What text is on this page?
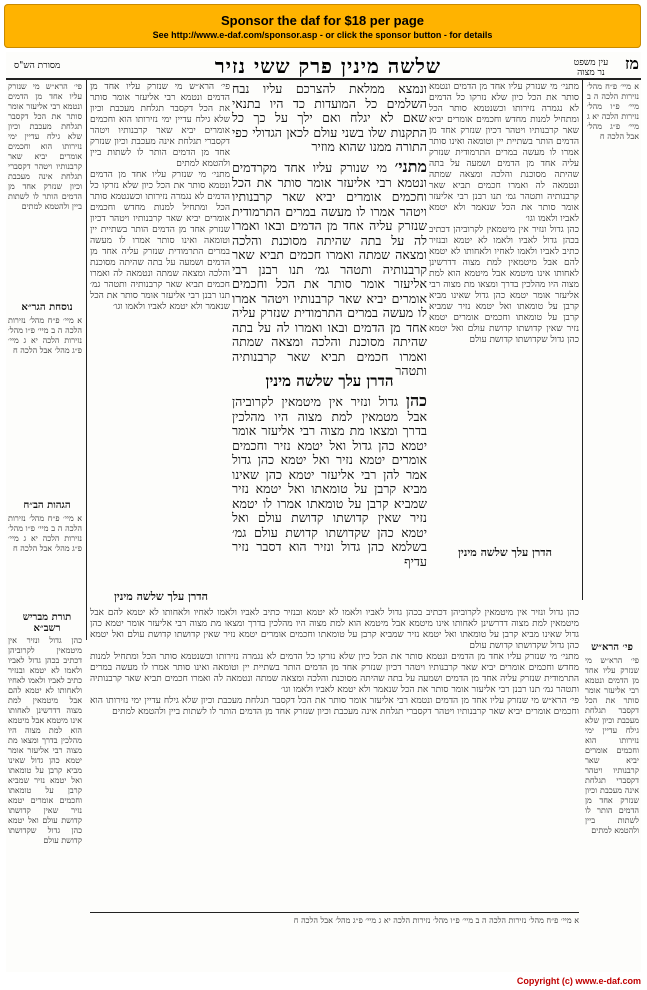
Sponsor the daf for $18 per page
See http://www.e-daf.com/sponsor.asp - or click the sponsor button - for details
מז
עין משפט נר מצוה
שלשה מינין פרק ששי נזיר
מסורת הש"ס
א מיי׳ פ״ח מהל׳ נזירות הלכה ה ב מיי׳ פ״ו מהל׳ נזירות הלכה יא ג מיי׳ פ״ג מהל׳ אבל הלכה ח
פי׳ הרא״ש מי שנזרק עליו אחד מן הדמים ונטמא רבי אליעזר אומר סותר את הכל דקסבר תגלחת מעכבת וכיון שלא גילח עדיין ימי נזירותו הוא וחכמים אומרים יביא שאר קרבנותיו ויטהר דקסברי תגלחת אינה מעכבת וכיון שנזרק אחד מן הדמים הותר לו לשתות ביין ולהטמא למתים
נוסחת הגר״א
א מיי׳ פ״ח מהל׳ נזירות הלכה ה ב מיי׳ פ״ו מהל׳ נזירות הלכה יא ג מיי׳ פ״ג מהל׳ אבל הלכה ח
הגהות הב״ח
א מיי׳ פ״ח מהל׳ נזירות הלכה ה ב מיי׳ פ״ו מהל׳ נזירות הלכה יא ג מיי׳ פ״ג מהל׳ אבל הלכה ח
תורת מבריש רשב״א
כהן גדול ונזיר אין מיטמאין לקרוביהן דכתיב בכהן גדול לאביו ולאמו לא יטמא ובנזיר כתיב לאביו ולאמו לאחיו ולאחותו לא יטמא להם אבל מיטמאין למת מצוה דדרשינן לאחותו אינו מיטמא אבל מיטמא הוא למת מצוה היו מהלכין בדרך ומצאו מת מצוה רבי אליעזר אומר יטמא כהן גדול שאינו מביא קרבן על טומאתו ואל יטמא נזיר שמביא קרבן על טומאתו וחכמים אומרים יטמא נזיר שאין קדושתו קדושת עולם ואל יטמא כהן גדול שקדושתו קדושת עולם
פי׳ הרא״ש
פי׳ הרא״ש מי שנזרק עליו אחד מן הדמים ונטמא רבי אליעזר אומר סותר את הכל דקסבר תגלחת מעכבת וכיון שלא גילח עדיין ימי נזירותו הוא וחכמים אומרים יביא שאר קרבנותיו ויטהר דקסברי תגלחת אינה מעכבת וכיון שנזרק אחד מן הדמים הותר לו לשתות ביין ולהטמא למתים
מתני׳ מי שנזרק עליו אחד מן הדמים ונטמא סותר את הכל כיון שלא נזרקו כל הדמים לא נגמרה נזירותו וכשנטמא סותר הכל ומתחיל למנות מחדש וחכמים אומרים יביא שאר קרבנותיו ויטהר דכיון שנזרק אחד מן הדמים הותר בשתיית יין וטומאה ואינו סותר אמרו לו מעשה במרים התרמודית שנזרק עליה אחד מן הדמים ושמעה על בתה שהיתה מסוכנת והלכה ומצאה שמתה ונטמאה לה ואמרו חכמים תביא שאר קרבנותיה ותטהר גמ׳ תנו רבנן רבי אליעזר אומר סותר את הכל שנאמר ולא יטמא לאביו ולאמו וגו׳
כהן גדול ונזיר אין מיטמאין לקרוביהן דכתיב בכהן גדול לאביו ולאמו לא יטמא ובנזיר כתיב לאביו ולאמו לאחיו ולאחותו לא יטמא להם אבל מיטמאין למת מצוה דדרשינן לאחותו אינו מיטמא אבל מיטמא הוא למת מצוה היו מהלכין בדרך ומצאו מת מצוה רבי אליעזר אומר יטמא כהן גדול שאינו מביא קרבן על טומאתו ואל יטמא נזיר שמביא קרבן על טומאתו וחכמים אומרים יטמא נזיר שאין קדושתו קדושת עולם ואל יטמא כהן גדול שקדושתו קדושת עולם
פי׳ הרא״ש מי שנזרק עליו אחד מן הדמים ונטמא רבי אליעזר אומר סותר את הכל דקסבר תגלחת מעכבת וכיון שלא גילח עדיין ימי נזירותו הוא וחכמים אומרים יביא שאר קרבנותיו ויטהר דקסברי תגלחת אינה מעכבת וכיון שנזרק אחד מן הדמים הותר לו לשתות ביין ולהטמא למתים
מתני׳ מי שנזרק עליו אחד מן הדמים ונטמא סותר את הכל כיון שלא נזרקו כל הדמים לא נגמרה נזירותו וכשנטמא סותר הכל ומתחיל למנות מחדש וחכמים אומרים יביא שאר קרבנותיו ויטהר דכיון שנזרק אחד מן הדמים הותר בשתיית יין וטומאה ואינו סותר אמרו לו מעשה במרים התרמודית שנזרק עליה אחד מן הדמים ושמעה על בתה שהיתה מסוכנת והלכה ומצאה שמתה ונטמאה לה ואמרו חכמים תביא שאר קרבנותיה ותטהר גמ׳ תנו רבנן רבי אליעזר אומר סותר את הכל שנאמר ולא יטמא לאביו ולאמו וגו׳
ונמצא ממלאת להצרכם עליו נבח השלמים כל המועדות כד היו בתנאי שאם לא יגלח ואם ילך על כך כל התקנות שלו בשני עולם לכאן הגדולי כפי התורה ממנו שהוא מוזיר
מתני׳ מי שנורק עליו אחד מקרדמים ונטמא רבי אליעזר אומר סותר את הכל וחכמים אומרים יביא שאר קרבנותיו ויטהר אמרו לו מעשה במרים התרמודית שנזרק עליה אחד מן הדמים ובאו ואמרו לה על בתה שהיתה מסוכנת והלכה ומצאה שמתה ואמרו חכמים תביא שאר קרבנותיה ותטהר גמ׳ תנו רבנן רבי אליעזר אומר סותר את הכל וחכמים אומרים יביא שאר קרבנותיו ויטהר אמרו לו מעשה במרים התרמודית שנזרק עליה אחד מן הדמים ובאו ואמרו לה על בתה שהיתה מסוכנת והלכה ומצאה שמתה ואמרו חכמים תביא שאר קרבנותיה ותטהר
הדרן עלך שלשה מינין
כהן גדול ונזיר אין מיטמאין לקרוביהן אבל מטמאין למת מצוה היו מהלכין בדרך ומצאו מת מצוה רבי אליעזר אומר יטמא כהן גדול ואל יטמא נזיר וחכמים אומרים יטמא נזיר ואל יטמא כהן גדול אמר להן רבי אליעזר יטמא כהן שאינו מביא קרבן על טומאתו ואל יטמא נזיר שמביא קרבן על טומאתו אמרו לו יטמא נזיר שאין קדושתו קדושת עולם ואל יטמא כהן שקדושתו קדושת עולם גמ׳ בשלמא כהן גדול ונזיר הוא דסבר נזיר עדיף
הדרן עלך שלשה מינין
הדרן עלך שלשה מינין
כהן גדול ונזיר אין מיטמאין לקרוביהן דכתיב בכהן גדול לאביו ולאמו לא יטמא ובנזיר כתיב לאביו ולאמו לאחיו ולאחותו לא יטמא להם אבל מיטמאין למת מצוה דדרשינן לאחותו אינו מיטמא אבל מיטמא הוא למת מצוה היו מהלכין בדרך ומצאו מת מצוה רבי אליעזר אומר יטמא כהן גדול שאינו מביא קרבן על טומאתו ואל יטמא נזיר שמביא קרבן על טומאתו וחכמים אומרים יטמא נזיר שאין קדושתו קדושת עולם ואל יטמא כהן גדול שקדושתו קדושת עולם
מתני׳ מי שנזרק עליו אחד מן הדמים ונטמא סותר את הכל כיון שלא נזרקו כל הדמים לא נגמרה נזירותו וכשנטמא סותר הכל ומתחיל למנות מחדש וחכמים אומרים יביא שאר קרבנותיו ויטהר דכיון שנזרק אחד מן הדמים הותר בשתיית יין וטומאה ואינו סותר אמרו לו מעשה במרים התרמודית שנזרק עליה אחד מן הדמים ושמעה על בתה שהיתה מסוכנת והלכה ומצאה שמתה ונטמאה לה ואמרו חכמים תביא שאר קרבנותיה ותטהר גמ׳ תנו רבנן רבי אליעזר אומר סותר את הכל שנאמר ולא יטמא לאביו ולאמו וגו׳
פי׳ הרא״ש מי שנזרק עליו אחד מן הדמים ונטמא רבי אליעזר אומר סותר את הכל דקסבר תגלחת מעכבת וכיון שלא גילח עדיין ימי נזירותו הוא וחכמים אומרים יביא שאר קרבנותיו ויטהר דקסברי תגלחת אינה מעכבת וכיון שנזרק אחד מן הדמים הותר לו לשתות ביין ולהטמא למתים
א מיי׳ פ״ח מהל׳ נזירות הלכה ה ב מיי׳ פ״ו מהל׳ נזירות הלכה יא ג מיי׳ פ״ג מהל׳ אבל הלכה ח
Copyright (c) www.e-daf.com
